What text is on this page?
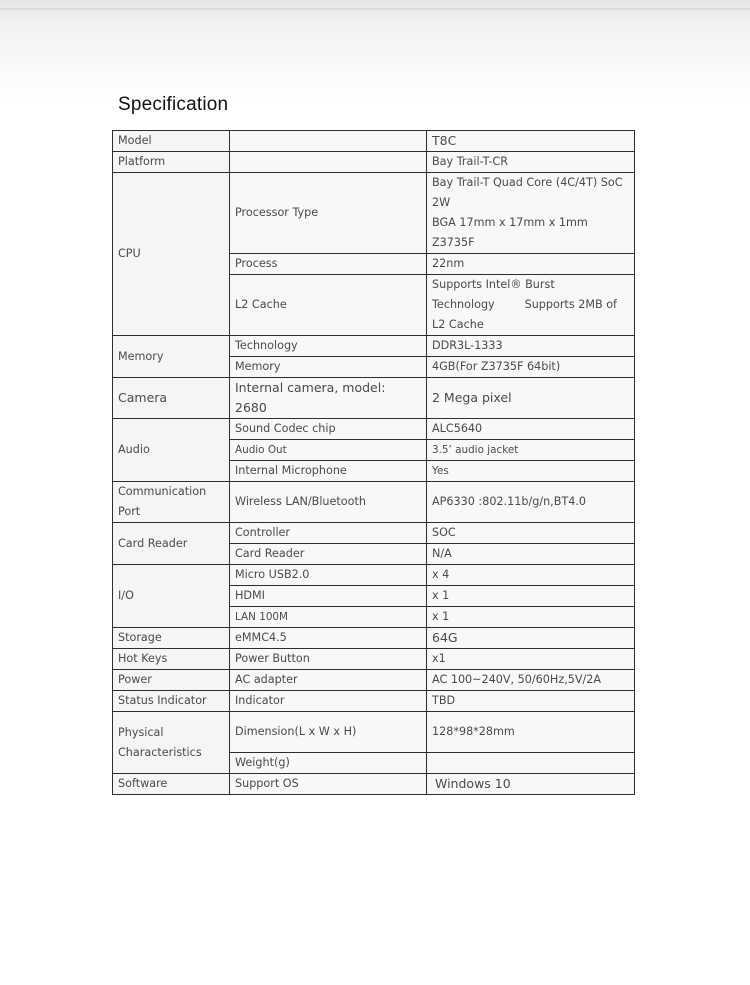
Specification
Model		T8C
Platform		Bay Trail-T-CR
CPU	Processor Type	Bay Trail-T Quad Core (4C/4T) SoC
2W
BGA 17mm x 17mm x 1mm
Z3735F

	Process	22nm
	L2 Cache	Supports Intel® Burst
Technology Supports 2MB of
L2 Cache

Memory	Technology	DDR3L-1333
	Memory	4GB(For Z3735F 64bit)
Camera	Internal camera, model: 2680	2 Mega pixel
Audio	Sound Codec chip	ALC5640
	Audio Out	3.5’ audio jacket
	Internal Microphone	Yes

Communication
Port	Wireless LAN/Bluetooth	AP6330 :802.11b/g/n,BT4.0
Card Reader	Controller	SOC
	Card Reader	N/A
I/O	Micro USB2.0	x 4
	HDMI	x 1
	LAN 100M	x 1
Storage	eMMC4.5	64G
Hot Keys	Power Button	x1
Power	AC adapter	AC 100~240V, 50/60Hz,5V/2A
Status Indicator	Indicator	TBD

Physical
Characteristics	Dimension(L x W x H)	128*98*28mm
	Weight(g)	
Software	Support OS	Windows 10
